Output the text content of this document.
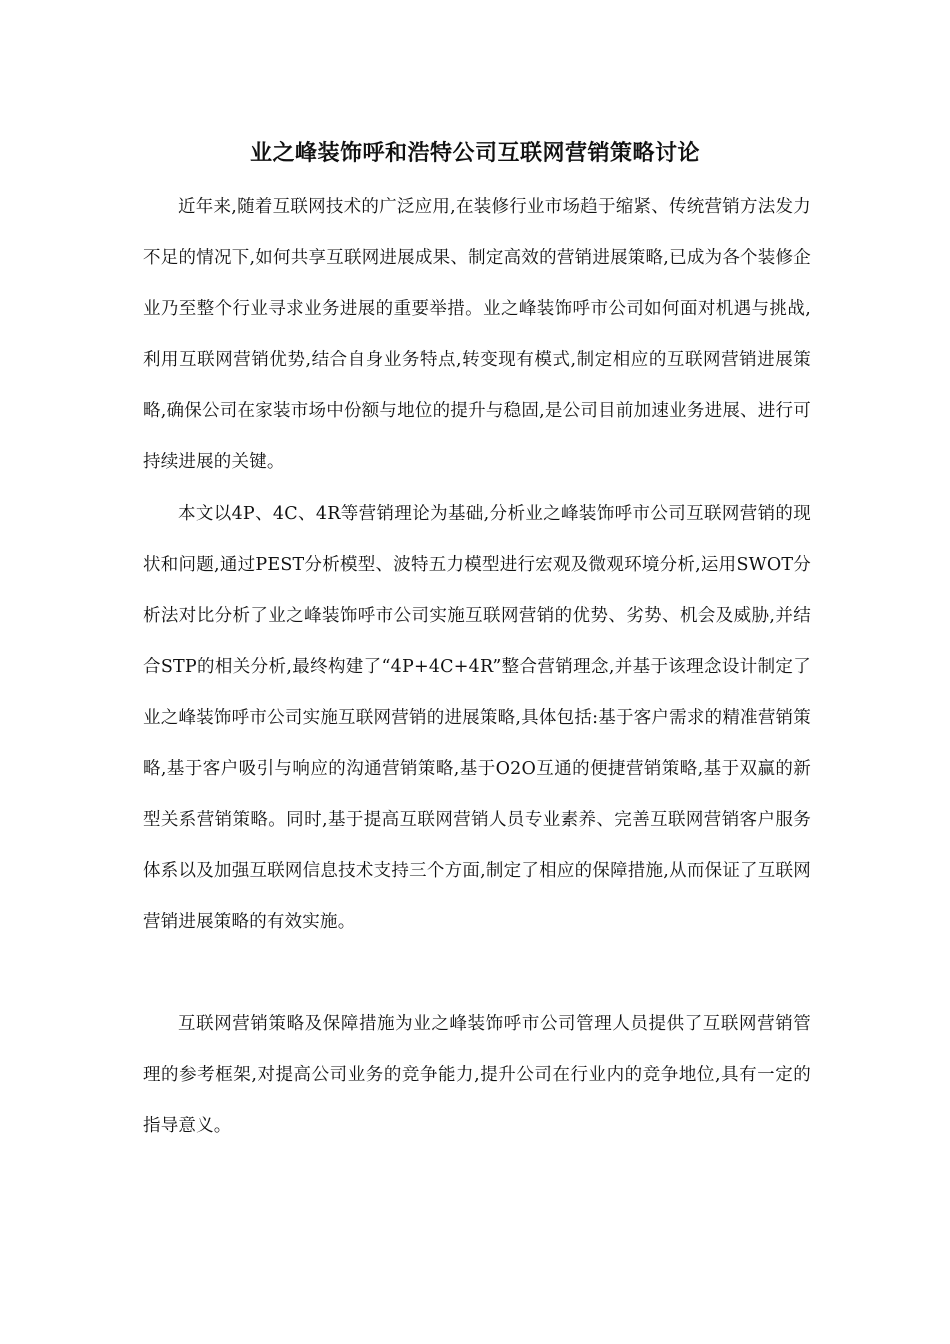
业之峰装饰呼和浩特公司互联网营销策略讨论

近年来,随着互联网技术的广泛应用,在装修行业市场趋于缩紧、传统营销方法发力不足的情况下,如何共享互联网进展成果、制定高效的营销进展策略,已成为各个装修企业乃至整个行业寻求业务进展的重要举措。业之峰装饰呼市公司如何面对机遇与挑战,利用互联网营销优势,结合自身业务特点,转变现有模式,制定相应的互联网营销进展策略,确保公司在家装市场中份额与地位的提升与稳固,是公司目前加速业务进展、进行可持续进展的关键。

本文以4P、4C、4R等营销理论为基础,分析业之峰装饰呼市公司互联网营销的现状和问题,通过PEST分析模型、波特五力模型进行宏观及微观环境分析,运用SWOT分析法对比分析了业之峰装饰呼市公司实施互联网营销的优势、劣势、机会及威胁,并结合STP的相关分析,最终构建了“4P+4C+4R”整合营销理念,并基于该理念设计制定了业之峰装饰呼市公司实施互联网营销的进展策略,具体包括:基于客户需求的精准营销策略,基于客户吸引与响应的沟通营销策略,基于O2O互通的便捷营销策略,基于双赢的新型关系营销策略。同时,基于提高互联网营销人员专业素养、完善互联网营销客户服务体系以及加强互联网信息技术支持三个方面,制定了相应的保障措施,从而保证了互联网营销进展策略的有效实施。

互联网营销策略及保障措施为业之峰装饰呼市公司管理人员提供了互联网营销管理的参考框架,对提高公司业务的竞争能力,提升公司在行业内的竞争地位,具有一定的指导意义。
